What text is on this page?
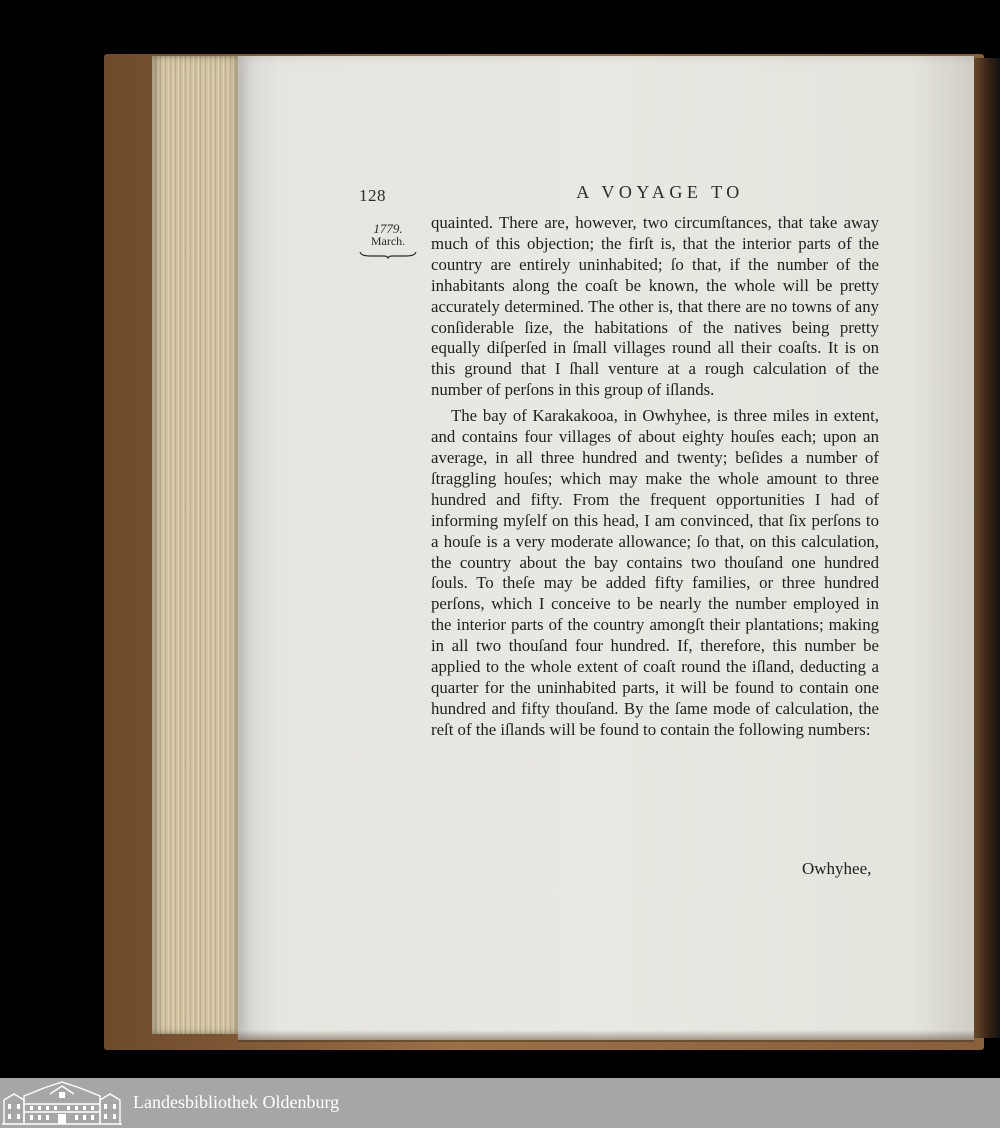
128	A VOYAGE TO
1779.
March.

quainted. There are, however, two circumſtances, that take away much of this objection; the firſt is, that the interior parts of the country are entirely uninhabited; ſo that, if the number of the inhabitants along the coaſt be known, the whole will be pretty accurately determined. The other is, that there are no towns of any conſiderable ſize, the habitations of the natives being pretty equally diſperſed in ſmall villages round all their coaſts. It is on this ground that I ſhall venture at a rough calculation of the number of perſons in this group of iſlands.

The bay of Karakakooa, in Owhyhee, is three miles in extent, and contains four villages of about eighty houſes each; upon an average, in all three hundred and twenty; beſides a number of ſtraggling houſes; which may make the whole amount to three hundred and fifty. From the frequent opportunities I had of informing myſelf on this head, I am convinced, that ſix perſons to a houſe is a very moderate allowance; ſo that, on this calculation, the country about the bay contains two thouſand one hundred ſouls. To theſe may be added fifty families, or three hundred perſons, which I conceive to be nearly the number employed in the interior parts of the country amongſt their plantations; making in all two thouſand four hundred. If, therefore, this number be applied to the whole extent of coaſt round the iſland, deducting a quarter for the uninhabited parts, it will be found to contain one hundred and fifty thouſand. By the ſame mode of calculation, the reſt of the iſlands will be found to contain the following numbers:

Owhyhee,
Landesbibliothek Oldenburg
